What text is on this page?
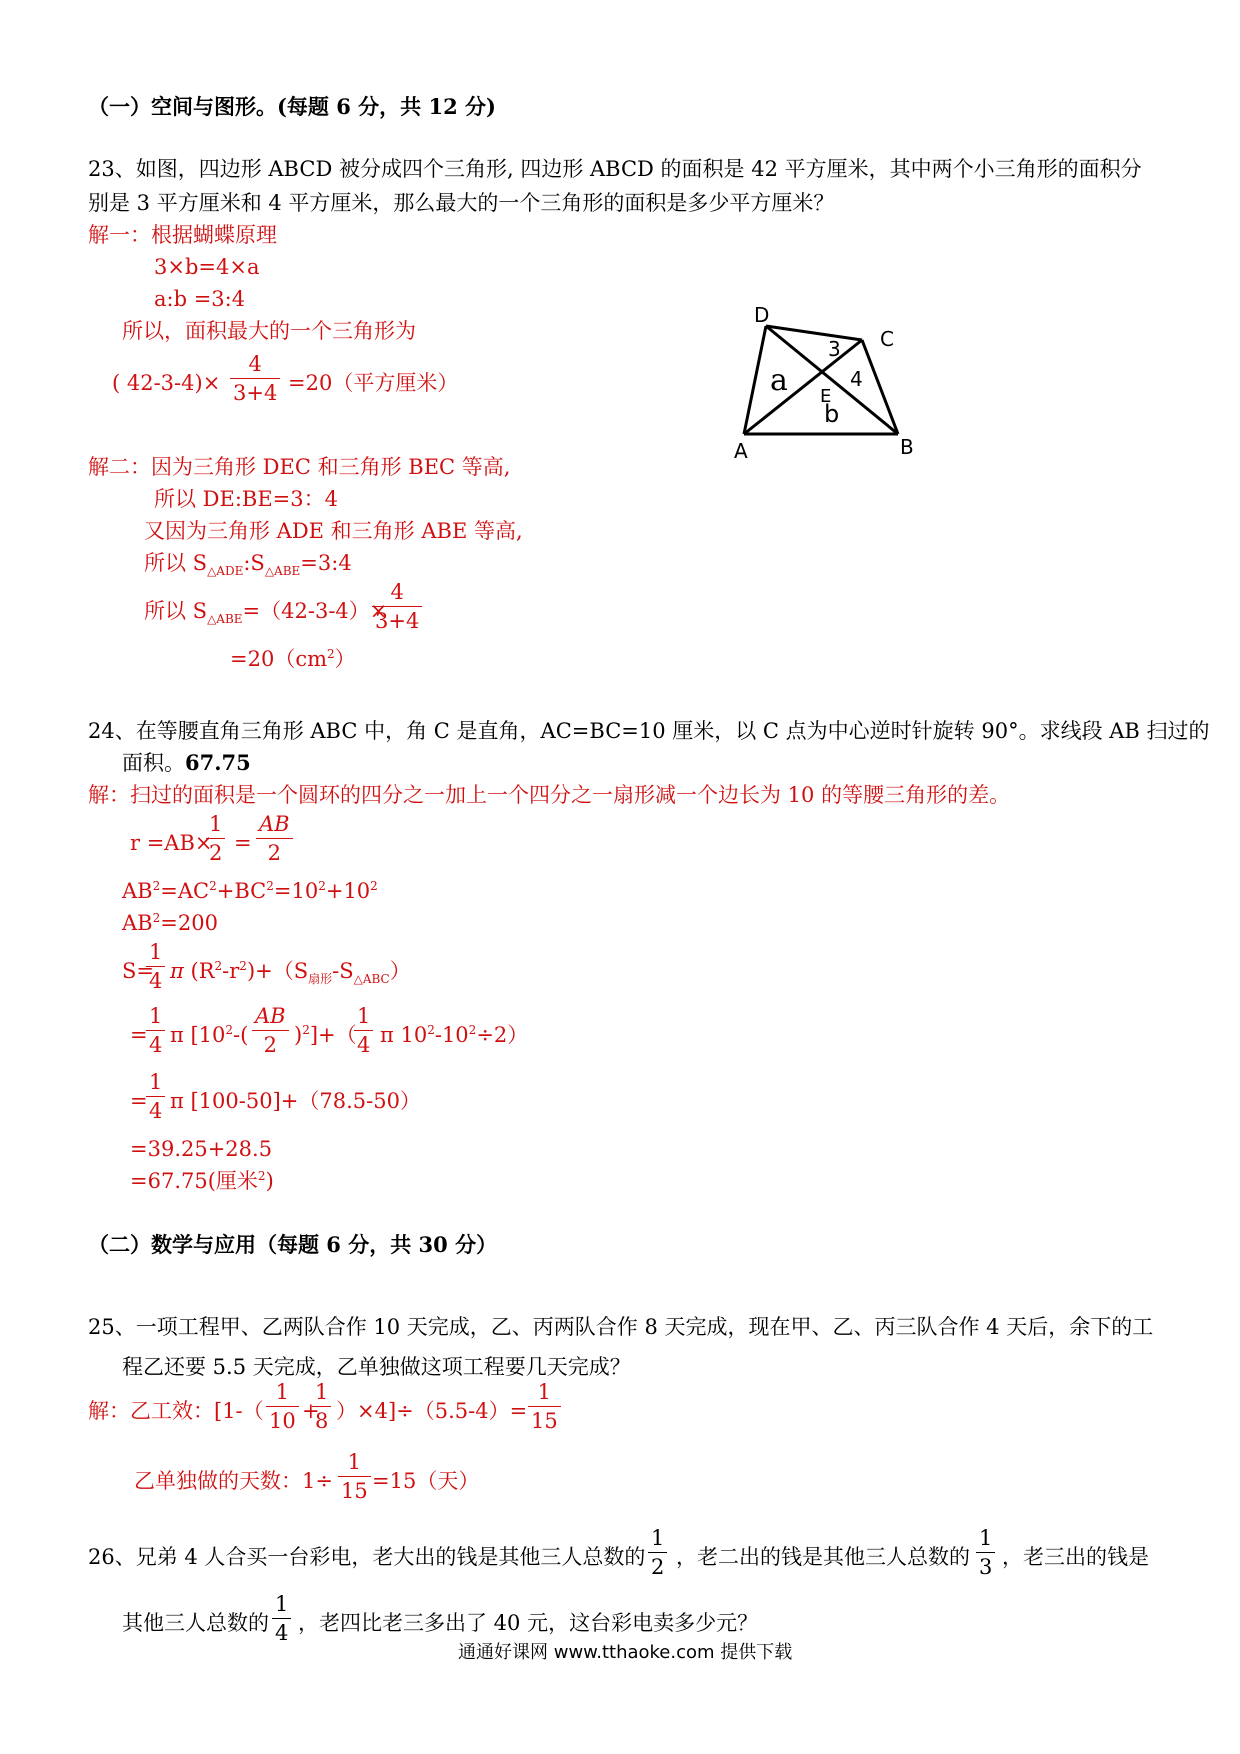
（一）空间与图形。(每题 6 分，共 12 分)
23、如图，四边形 ABCD 被分成四个三角形, 四边形 ABCD 的面积是 42 平方厘米，其中两个小三角形的面积分
别是 3 平方厘米和 4 平方厘米，那么最大的一个三角形的面积是多少平方厘米？
解一：根据蝴蝶原理
3×b=4×a
a:b =3:4
所以，面积最大的一个三角形为
( 42-3-4)×
4
3+4 =20（平方厘米）
解二：因为三角形 DEC 和三角形 BEC 等高,
所以 DE:BE=3：4
又因为三角形 ADE 和三角形 ABE 等高,
所以 $S_{\triangle ADE}:S_{\triangle ABE}=3:4$
所以 $S_{\triangle ABE}=(42-3-4)\times$
4
3+4
$=20(cm^2)$
D
C
A	B
a
3
4
E
b
24、在等腰直角三角形 ABC 中，角 C 是直角，AC=BC=10 厘米，以 C 点为中心逆时针旋转 90°。求线段 AB 扫过的
面积。67.75
解：扫过的面积是一个圆环的四分之一加上一个四分之一扇形减一个边长为 10 的等腰三角形的差。
r =AB×
1
2 =
AB
2
$AB^2=AC^2+BC^2=10^2+10^2$
$AB^2=200$
S=
1
4 π $(R^2-r^2)+(S_{扇形}-S_{\triangle ABC})$
=
1
4 π [$10^2-$(
AB
2 )$^2$]+（
1
4 π $10^2-10^2\div 2$）
=
1
4 π [100-50]+（78.5-50）
=39.25+28.5
=67.75(厘米$^2$)
（二）数学与应用（每题 6 分，共 30 分）
25、一项工程甲、乙两队合作 10 天完成，乙、丙两队合作 8 天完成，现在甲、乙、丙三队合作 4 天后，余下的工
程乙还要 5.5 天完成，乙单独做这项工程要几天完成？
解：乙工效：[1-（
1
10 +
1
8 ）×4]÷（5.5-4）=
1
15
乙单独做的天数：1÷
1
15 =15（天）
26、兄弟 4 人合买一台彩电，老大出的钱是其他三人总数的
1
2 ，老二出的钱是其他三人总数的
1
3 ，老三出的钱是
其他三人总数的
1
4 ，老四比老三多出了 40 元，这台彩电卖多少元？
通通好课网 www.tthaoke.com 提供下载
